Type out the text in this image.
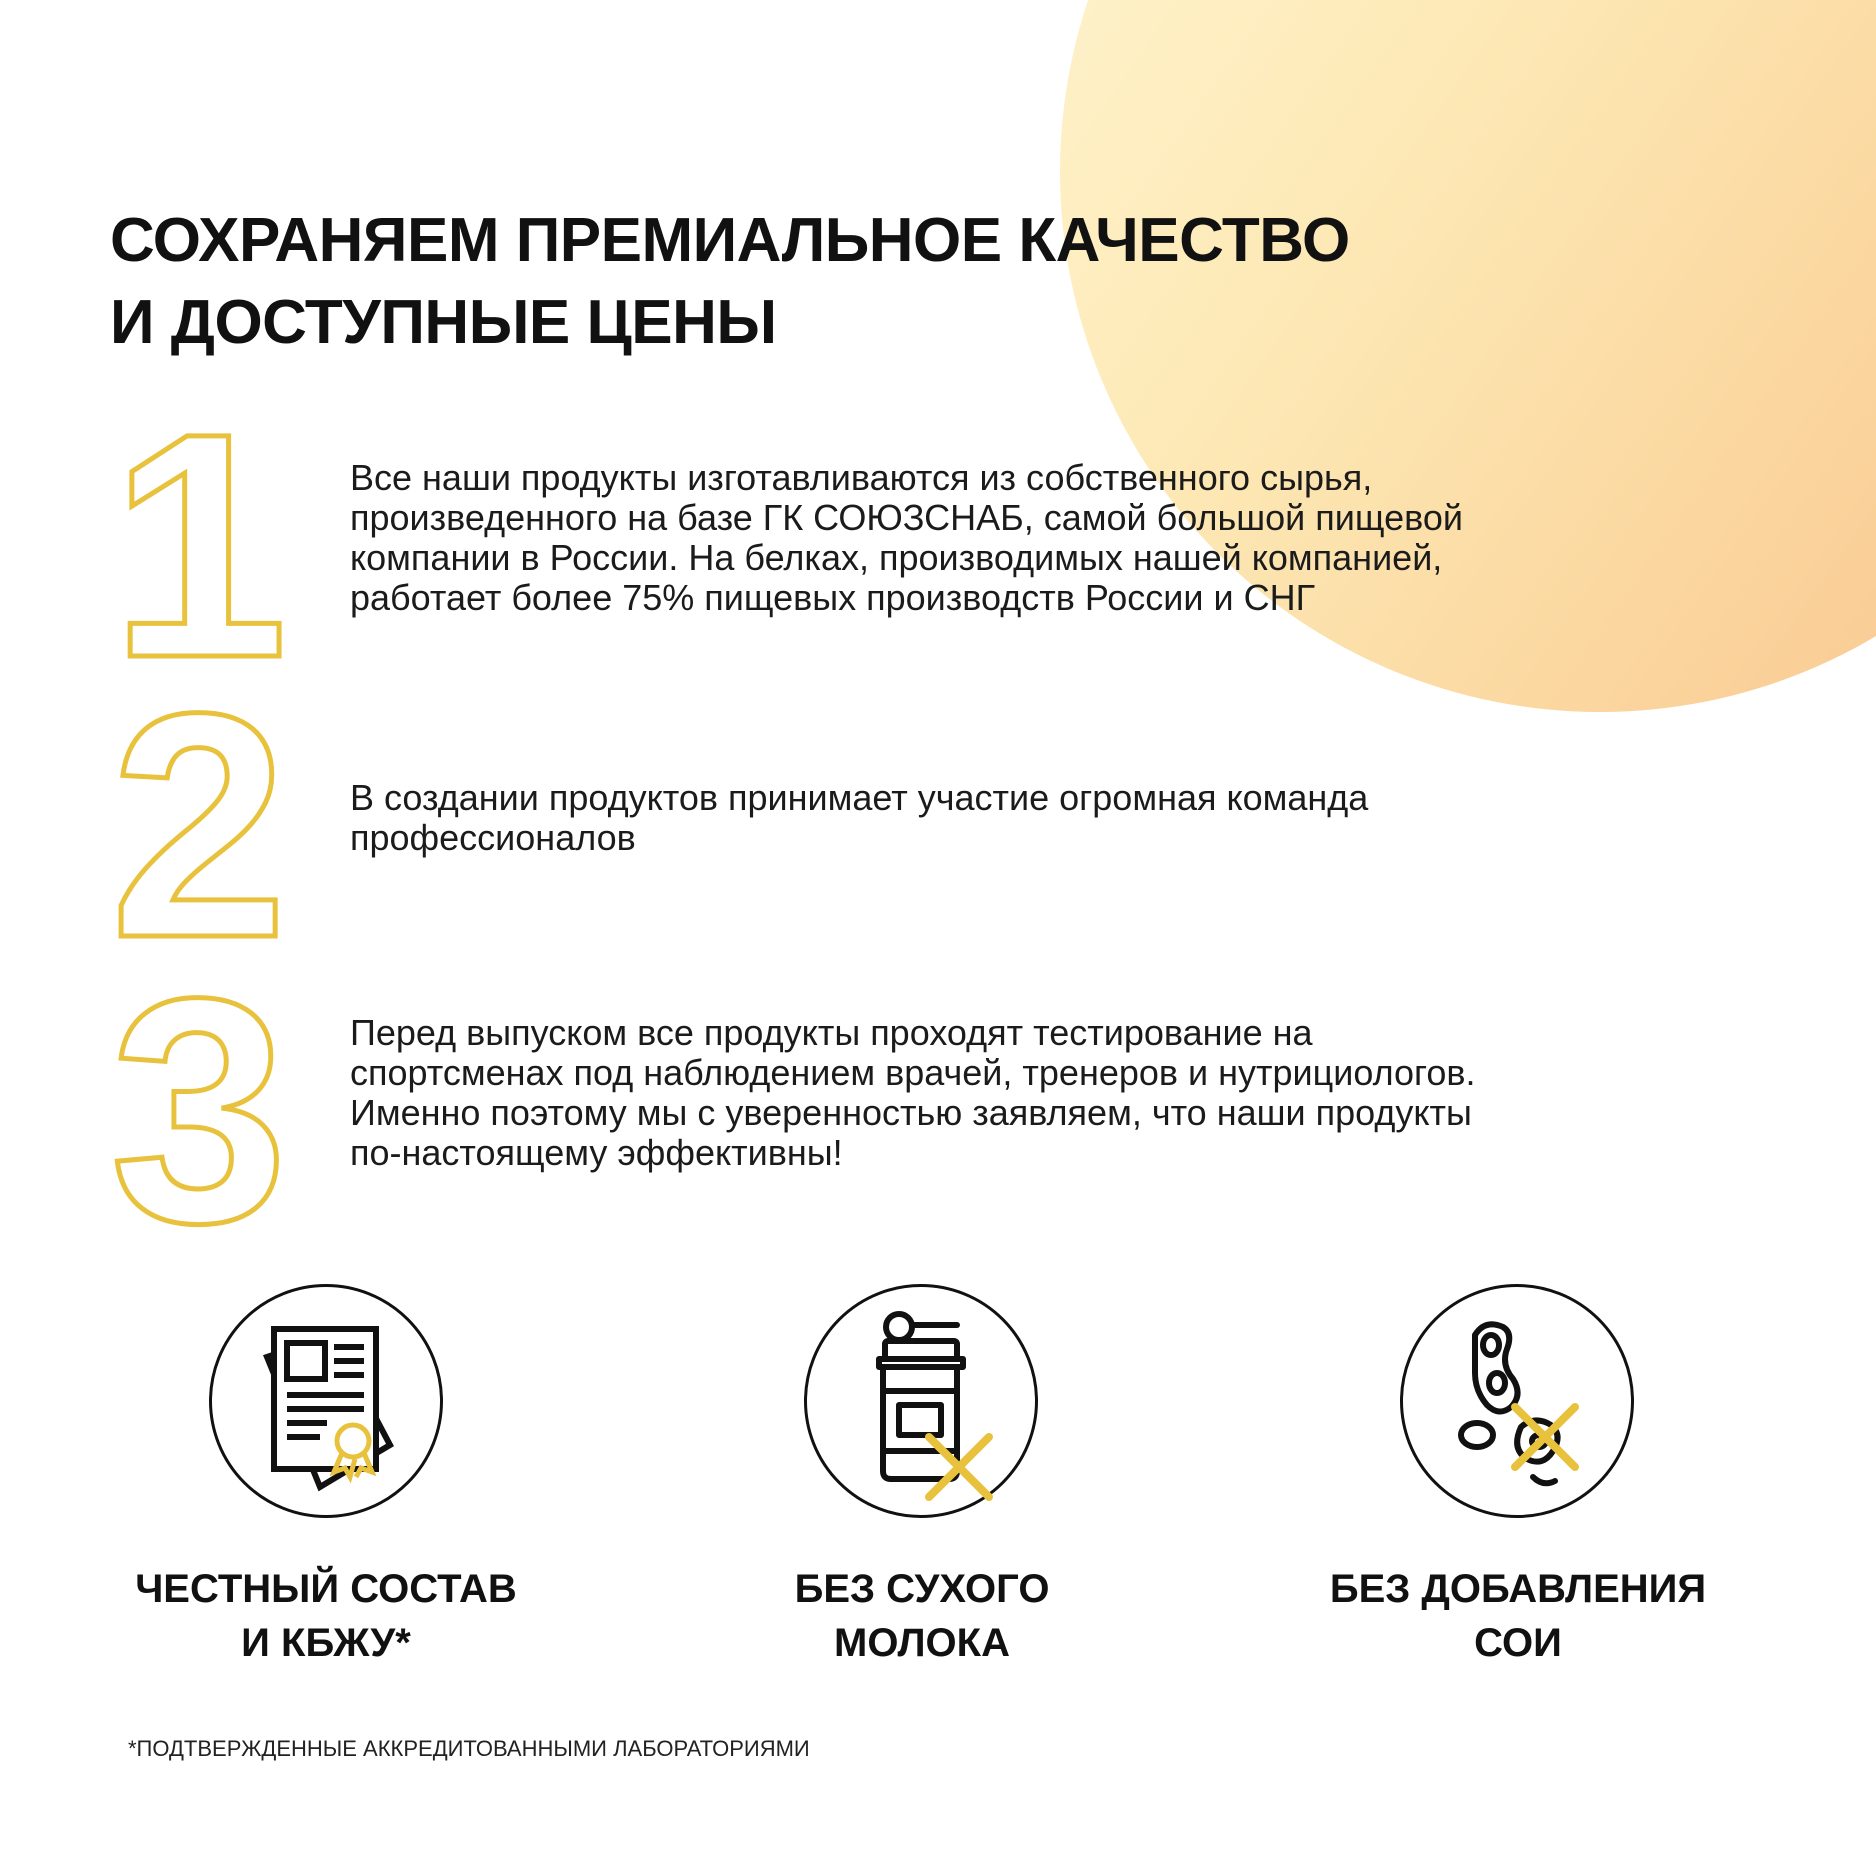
СОХРАНЯЕМ ПРЕМИАЛЬНОЕ КАЧЕСТВО
И ДОСТУПНЫЕ ЦЕНЫ
1 Все наши продукты изготавливаются из собственного сырья,
произведенного на базе ГК СОЮЗСНАБ, самой большой пищевой
компании в России. На белках, производимых нашей компанией,
работает более 75% пищевых производств России и СНГ

2 В создании продуктов принимает участие огромная команда
профессионалов

3 Перед выпуском все продукты проходят тестирование на
спортсменах под наблюдением врачей, тренеров и нутрициологов.
Именно поэтому мы с уверенностью заявляем, что наши продукты
по-настоящему эффективны!

ЧЕСТНЫЙ СОСТАВ
И КБЖУ*

БЕЗ СУХОГО
МОЛОКА

БЕЗ ДОБАВЛЕНИЯ
СОИ

*ПОДТВЕРЖДЕННЫЕ АККРЕДИТОВАННЫМИ ЛАБОРАТОРИЯМИ
